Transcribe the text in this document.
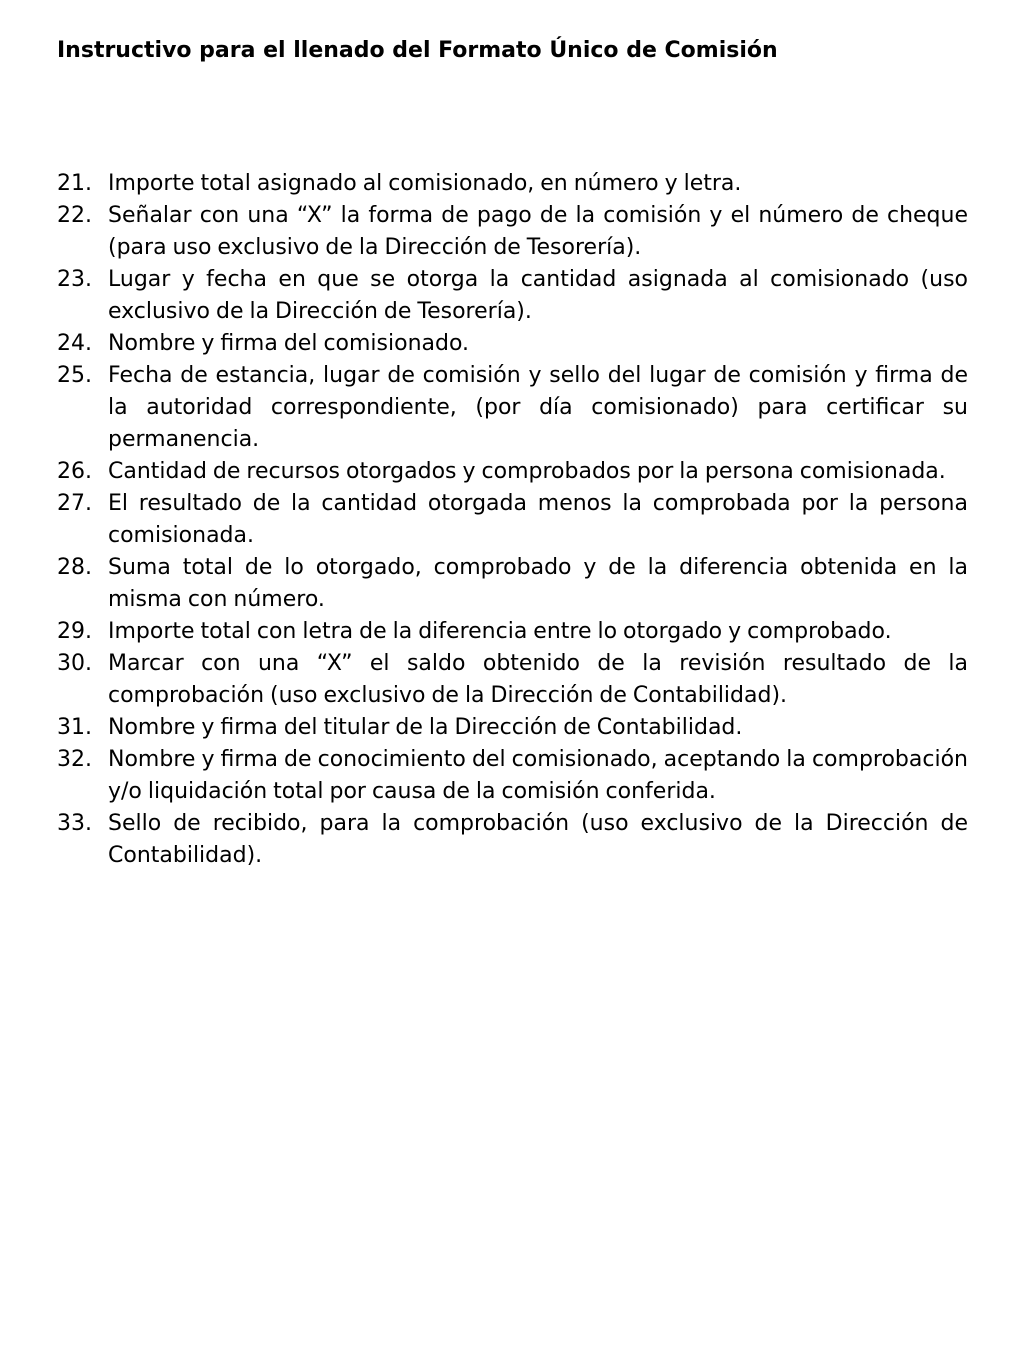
Instructivo para el llenado del Formato Único de Comisión
21. Importe total asignado al comisionado, en número y letra.
22. Señalar con una “X” la forma de pago de la comisión y el número de cheque (para uso exclusivo de la Dirección de Tesorería).
23. Lugar y fecha en que se otorga la cantidad asignada al comisionado (uso exclusivo de la Dirección de Tesorería).
24. Nombre y firma del comisionado.
25. Fecha de estancia, lugar de comisión y sello del lugar de comisión y firma de la autoridad correspondiente, (por día comisionado) para certificar su permanencia.
26. Cantidad de recursos otorgados y comprobados por la persona comisionada.
27. El resultado de la cantidad otorgada menos la comprobada por la persona comisionada.
28. Suma total de lo otorgado, comprobado y de la diferencia obtenida en la misma con número.
29. Importe total con letra de la diferencia entre lo otorgado y comprobado.
30. Marcar con una “X” el saldo obtenido de la revisión resultado de la comprobación (uso exclusivo de la Dirección de Contabilidad).
31. Nombre y firma del titular de la Dirección de Contabilidad.
32. Nombre y firma de conocimiento del comisionado, aceptando la comprobación y/o liquidación total por causa de la comisión conferida.
33. Sello de recibido, para la comprobación (uso exclusivo de la Dirección de Contabilidad).
